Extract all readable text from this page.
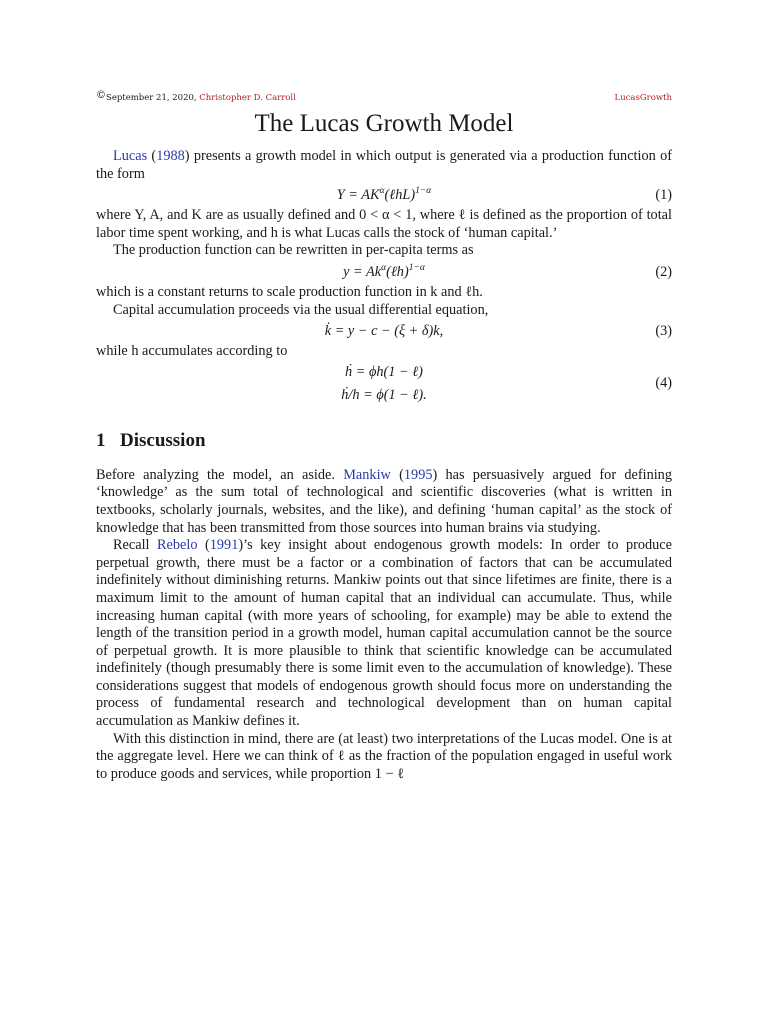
©September 21, 2020, Christopher D. Carroll	LucasGrowth
The Lucas Growth Model

Lucas (1988) presents a growth model in which output is generated via a production function of the form

$Y = AK^\alpha(\ell hL)^{1-\alpha}$	(1)

where Y, A, and K are as usually defined and 0 < α < 1, where ℓ is defined as the proportion of total labor time spent working, and h is what Lucas calls the stock of ‘human capital.’

The production function can be rewritten in per-capita terms as

$y = Ak^\alpha(\ell h)^{1-\alpha}$	(2)

which is a constant returns to scale production function in k and ℓh.

Capital accumulation proceeds via the usual differential equation,

k̇ = y − c − (ξ + δ)k,	(3)

while h accumulates according to

ḣ = ϕh(1 − ℓ)
ḣ/h = ϕ(1 − ℓ).
(4)
1 Discussion

Before analyzing the model, an aside. Mankiw (1995) has persuasively argued for defining ‘knowledge’ as the sum total of technological and scientific discoveries (what is written in textbooks, scholarly journals, websites, and the like), and defining ‘human capital’ as the stock of knowledge that has been transmitted from those sources into human brains via studying.

Recall Rebelo (1991)’s key insight about endogenous growth models: In order to produce perpetual growth, there must be a factor or a combination of factors that can be accumulated indefinitely without diminishing returns. Mankiw points out that since lifetimes are finite, there is a maximum limit to the amount of human capital that an individual can accumulate. Thus, while increasing human capital (with more years of schooling, for example) may be able to extend the length of the transition period in a growth model, human capital accumulation cannot be the source of perpetual growth. It is more plausible to think that scientific knowledge can be accumulated indefinitely (though presumably there is some limit even to the accumulation of knowledge). These considerations suggest that models of endogenous growth should focus more on understanding the process of fundamental research and technological development than on human capital accumulation as Mankiw defines it.

With this distinction in mind, there are (at least) two interpretations of the Lucas model. One is at the aggregate level. Here we can think of ℓ as the fraction of the population engaged in useful work to produce goods and services, while proportion 1 − ℓ
